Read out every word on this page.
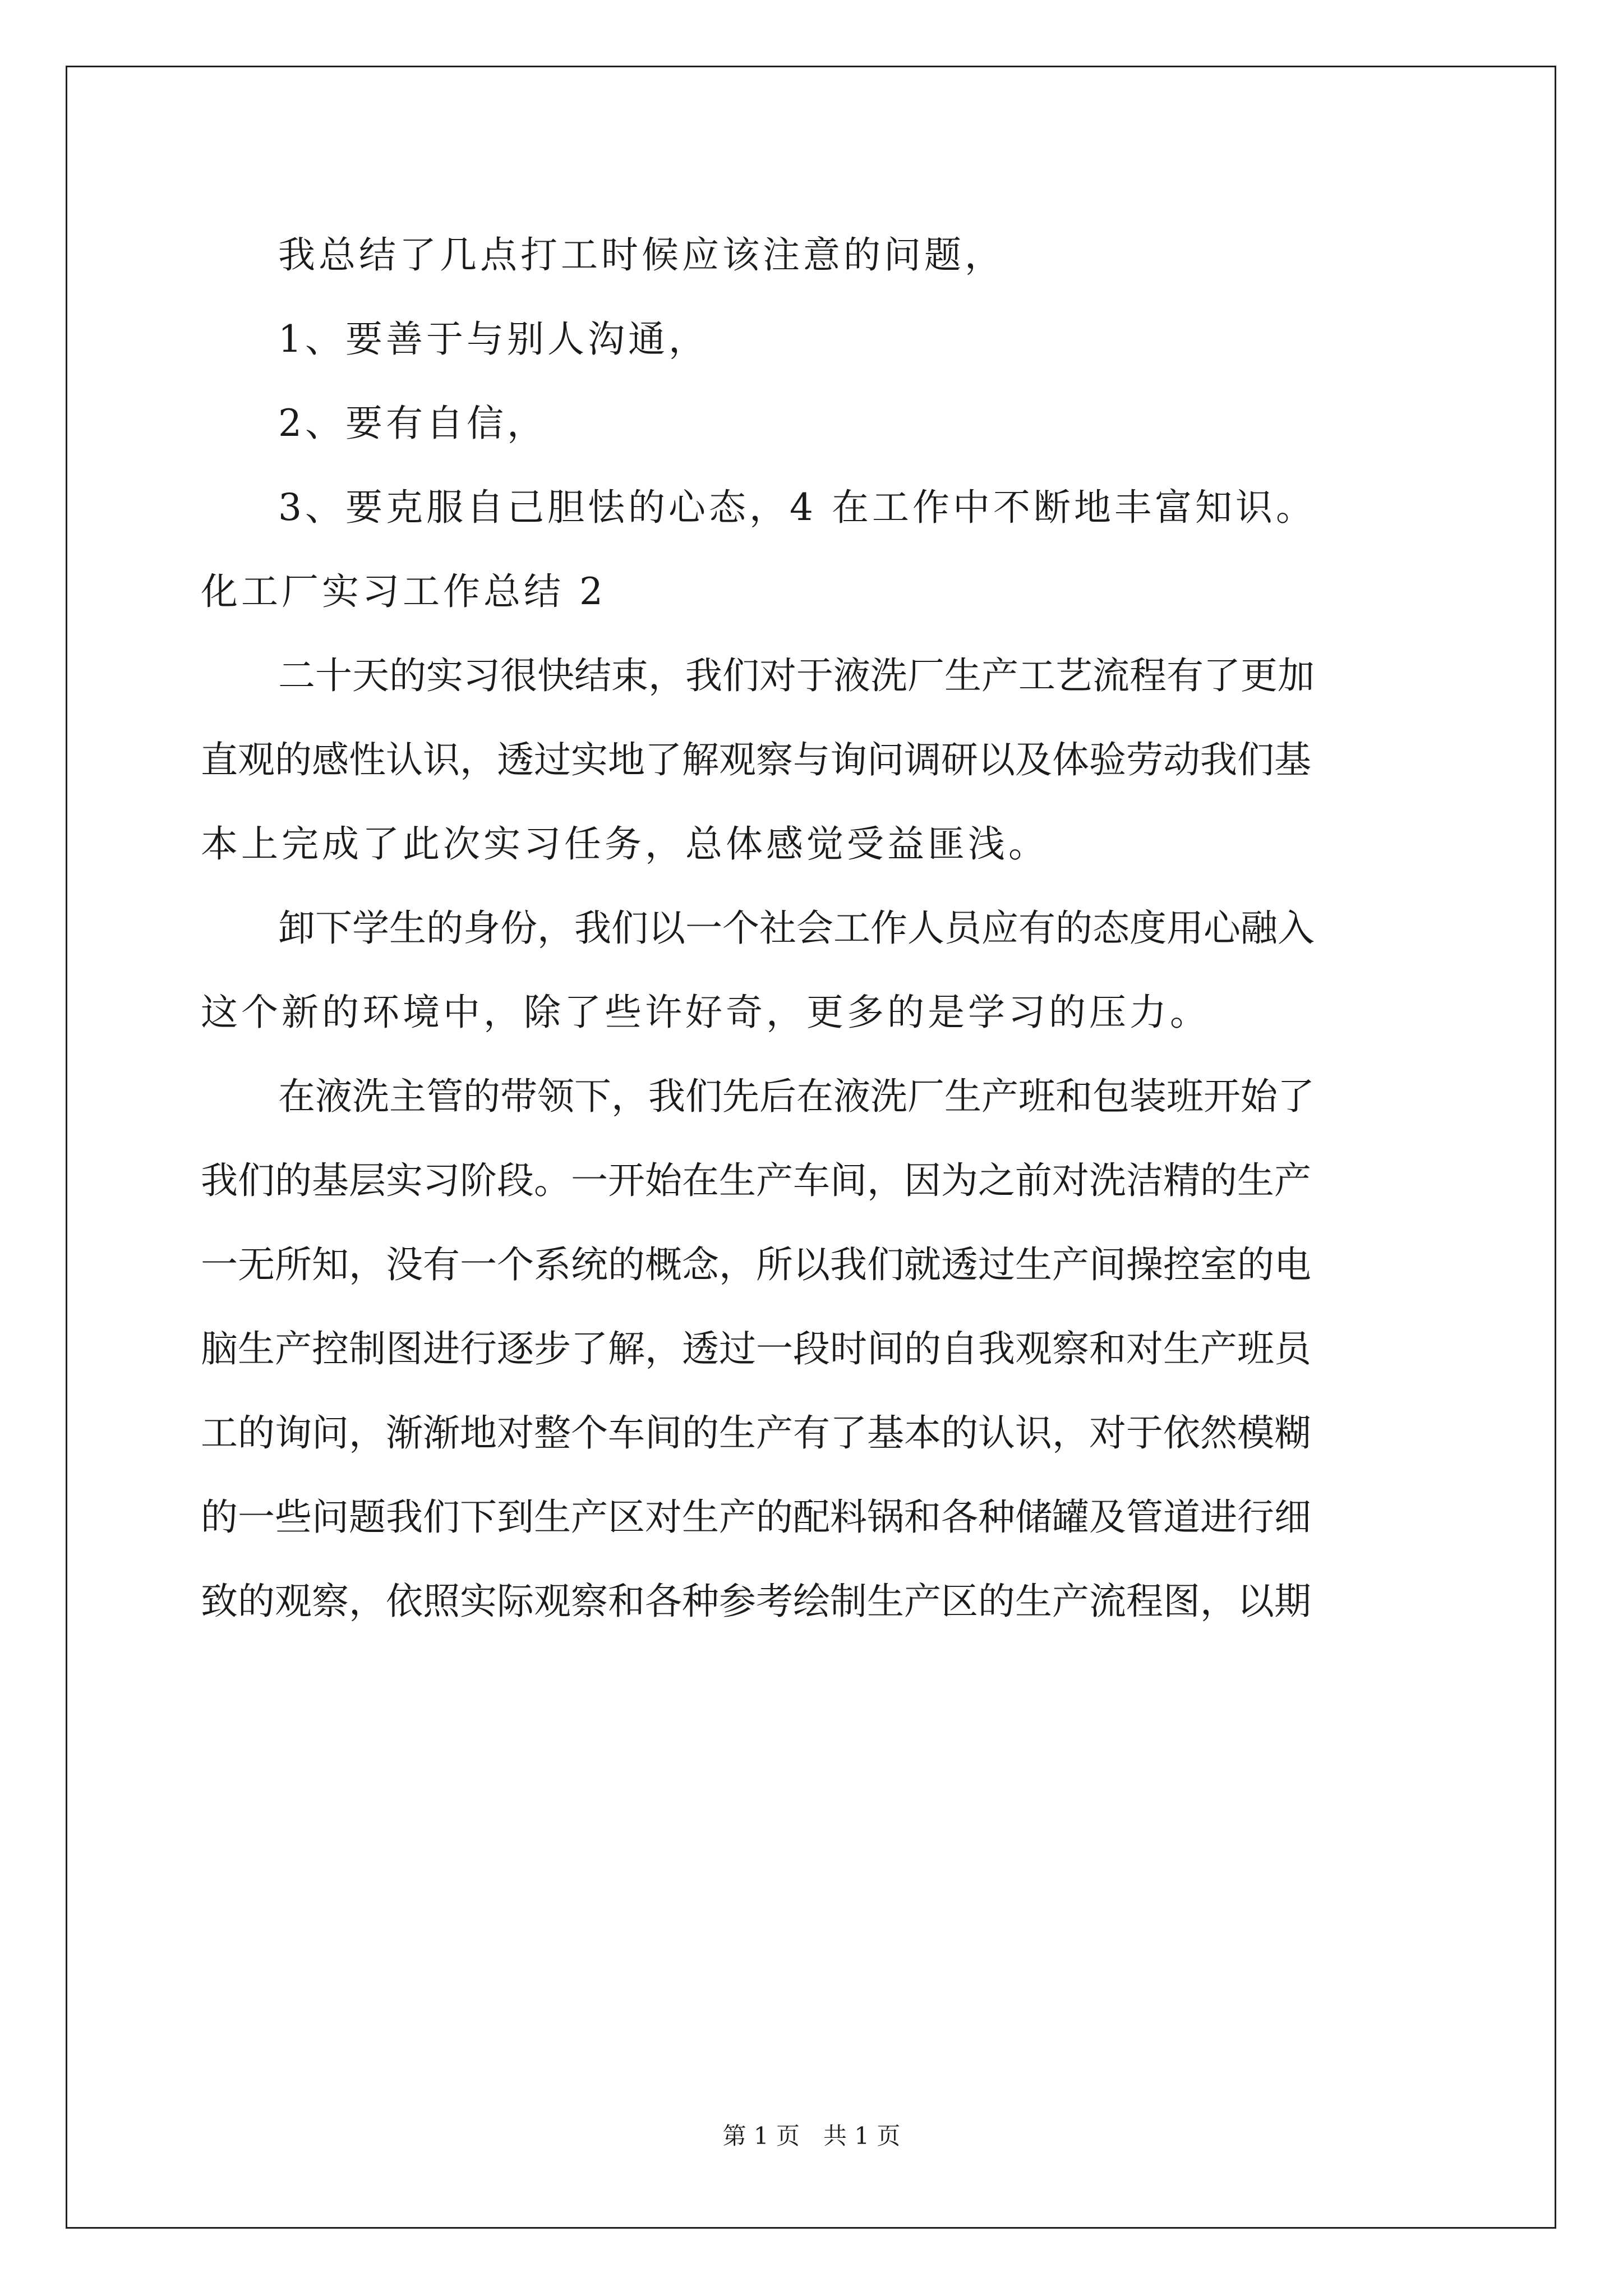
我总结了几点打工时候应该注意的问题，
1、要善于与别人沟通，
2、要有自信，
3、要克服自己胆怯的心态，4 在工作中不断地丰富知识。
化工厂实习工作总结 2
二十天的实习很快结束，我们对于液洗厂生产工艺流程有了更加
直观的感性认识，透过实地了解观察与询问调研以及体验劳动我们基
本上完成了此次实习任务，总体感觉受益匪浅。
卸下学生的身份，我们以一个社会工作人员应有的态度用心融入
这个新的环境中，除了些许好奇，更多的是学习的压力。
在液洗主管的带领下，我们先后在液洗厂生产班和包装班开始了
我们的基层实习阶段。一开始在生产车间，因为之前对洗洁精的生产
一无所知，没有一个系统的概念，所以我们就透过生产间操控室的电
脑生产控制图进行逐步了解，透过一段时间的自我观察和对生产班员
工的询问，渐渐地对整个车间的生产有了基本的认识，对于依然模糊
的一些问题我们下到生产区对生产的配料锅和各种储罐及管道进行细
致的观察，依照实际观察和各种参考绘制生产区的生产流程图，以期
第 1 页　共 1 页
